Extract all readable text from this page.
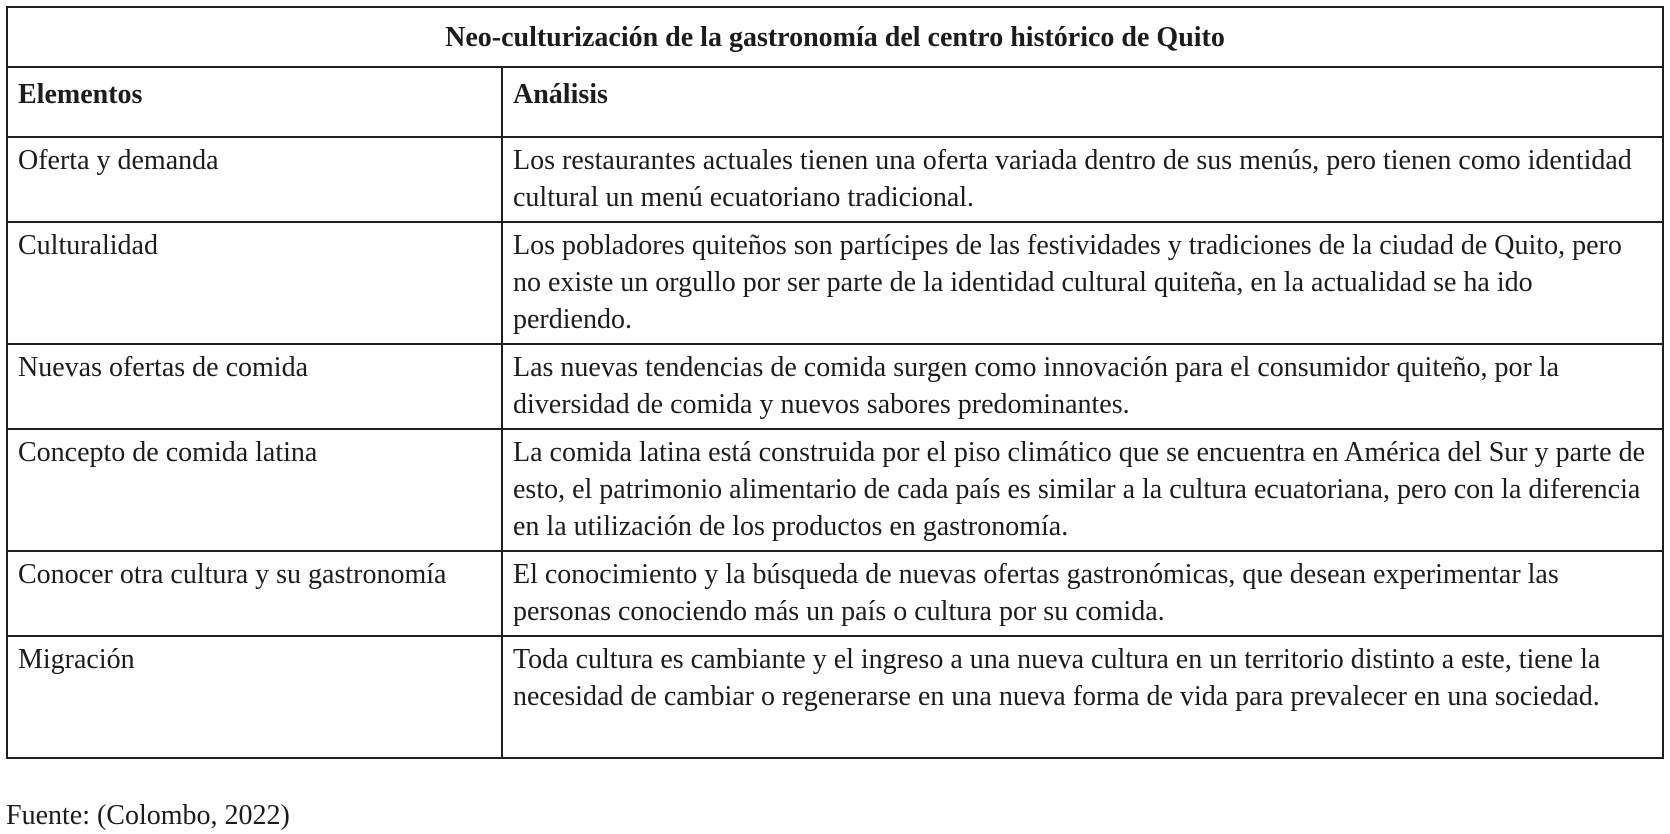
Neo-culturización de la gastronomía del centro histórico de Quito	
Elementos	Análisis
Oferta y demanda	Los restaurantes actuales tienen una oferta variada dentro de sus menús, pero tienen como identidad cultural un menú ecuatoriano tradicional.
Culturalidad	Los pobladores quiteños son partícipes de las festividades y tradiciones de la ciudad de Quito, pero no existe un orgullo por ser parte de la identidad cultural quiteña, en la actualidad se ha ido perdiendo.
Nuevas ofertas de comida	Las nuevas tendencias de comida surgen como innovación para el consumidor quiteño, por la diversidad de comida y nuevos sabores predominantes.
Concepto de comida latina	La comida latina está construida por el piso climático que se encuentra en América del Sur y parte de esto, el patrimonio alimentario de cada país es similar a la cultura ecuatoriana, pero con la diferencia en la utilización de los productos en gastronomía.
Conocer otra cultura y su gastronomía	El conocimiento y la búsqueda de nuevas ofertas gastronómicas, que desean experimentar las personas conociendo más un país o cultura por su comida.
Migración	Toda cultura es cambiante y el ingreso a una nueva cultura en un territorio distinto a este, tiene la necesidad de cambiar o regenerarse en una nueva forma de vida para prevalecer en una sociedad.
Fuente: (Colombo, 2022)
